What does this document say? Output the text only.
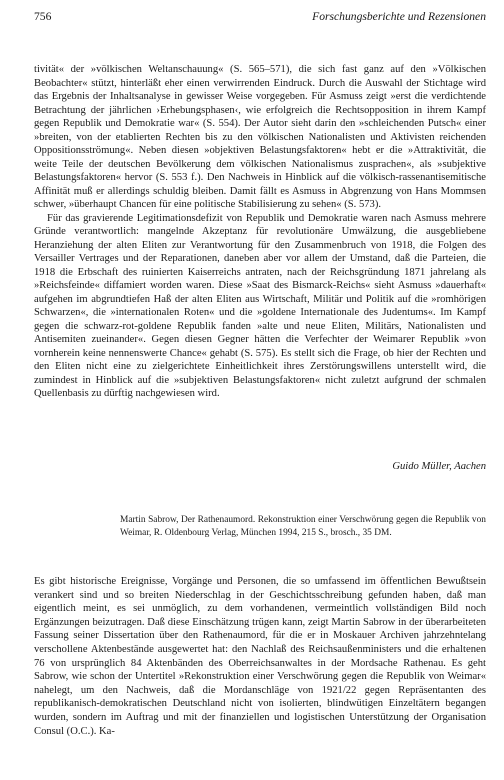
756	Forschungsberichte und Rezensionen

tivität« der »völkischen Weltanschauung« (S. 565–571), die sich fast ganz auf den »Völkischen Beobachter« stützt, hinterläßt eher einen verwirrenden Eindruck. Durch die Auswahl der Stichtage wird das Ergebnis der Inhaltsanalyse in gewisser Weise vorgegeben. Für Asmuss zeigt »erst die verdichtende Betrachtung der jährlichen ›Erhebungsphasen‹, wie erfolgreich die Rechtsopposition in ihrem Kampf gegen Republik und Demokratie war« (S. 554). Der Autor sieht darin den »schleichenden Putsch« einer »breiten, von der etablierten Rechten bis zu den völkischen Nationalisten und Aktivisten reichenden Oppositionsströmung«. Neben diesen »objektiven Belastungsfaktoren« hebt er die »Attraktivität, die weite Teile der deutschen Bevölkerung dem völkischen Nationalismus zusprachen«, als »subjektive Belastungsfaktoren« hervor (S. 553 f.). Den Nachweis in Hinblick auf die völkisch-rassenantisemitische Affinität muß er allerdings schuldig bleiben. Damit fällt es Asmuss in Abgrenzung von Hans Mommsen schwer, »überhaupt Chancen für eine politische Stabilisierung zu sehen« (S. 573).

Für das gravierende Legitimationsdefizit von Republik und Demokratie waren nach Asmuss mehrere Gründe verantwortlich: mangelnde Akzeptanz für revolutionäre Umwälzung, die ausgebliebene Heranziehung der alten Eliten zur Verantwortung für den Zusammenbruch von 1918, die Folgen des Versailler Vertrages und der Reparationen, daneben aber vor allem der Umstand, daß die Parteien, die 1918 die Erbschaft des ruinierten Kaiserreichs antraten, nach der Reichsgründung 1871 jahrelang als »Reichsfeinde« diffamiert worden waren. Diese »Saat des Bismarck-Reichs« sieht Asmuss »dauerhaft« aufgehen im abgrundtiefen Haß der alten Eliten aus Wirtschaft, Militär und Politik auf die »romhörigen Schwarzen«, die »internationalen Roten« und die »goldene Internationale des Judentums«. Im Kampf gegen die schwarz-rot-goldene Republik fanden »alte und neue Eliten, Militärs, Nationalisten und Antisemiten zueinander«. Gegen diesen Gegner hätten die Verfechter der Weimarer Republik »von vornherein keine nennenswerte Chance« gehabt (S. 575). Es stellt sich die Frage, ob hier der Rechten und den Eliten nicht eine zu zielgerichtete Einheitlichkeit ihres Zerstörungswillens unterstellt wird, die zumindest in Hinblick auf die »subjektiven Belastungsfaktoren« nicht zuletzt aufgrund der schmalen Quellenbasis zu dürftig nachgewiesen wird.

Guido Müller, Aachen
Martin Sabrow, Der Rathenaumord. Rekonstruktion einer Verschwörung gegen die Republik von Weimar, R. Oldenbourg Verlag, München 1994, 215 S., brosch., 35 DM.

Es gibt historische Ereignisse, Vorgänge und Personen, die so umfassend im öffentlichen Bewußtsein verankert sind und so breiten Niederschlag in der Geschichtsschreibung gefunden haben, daß man eigentlich meint, es sei unmöglich, zu dem vorhandenen, vermeintlich vollständigen Bild noch Ergänzungen beizutragen. Daß diese Einschätzung trügen kann, zeigt Martin Sabrow in der überarbeiteten Fassung seiner Dissertation über den Rathenaumord, für die er in Moskauer Archiven jahrzehntelang verschollene Aktenbestände ausgewertet hat: den Nachlaß des Reichsaußenministers und die erhaltenen 76 von ursprünglich 84 Aktenbänden des Oberreichsanwaltes in der Mordsache Rathenau. Es geht Sabrow, wie schon der Untertitel »Rekonstruktion einer Verschwörung gegen die Republik von Weimar« nahelegt, um den Nachweis, daß die Mordanschläge von 1921/22 gegen Repräsentanten des republikanisch-demokratischen Deutschland nicht von isolierten, blindwütigen Einzeltätern begangen wurden, sondern im Auftrag und mit der finanziellen und logistischen Unterstützung der Organisation Consul (O.C.). Ka-
